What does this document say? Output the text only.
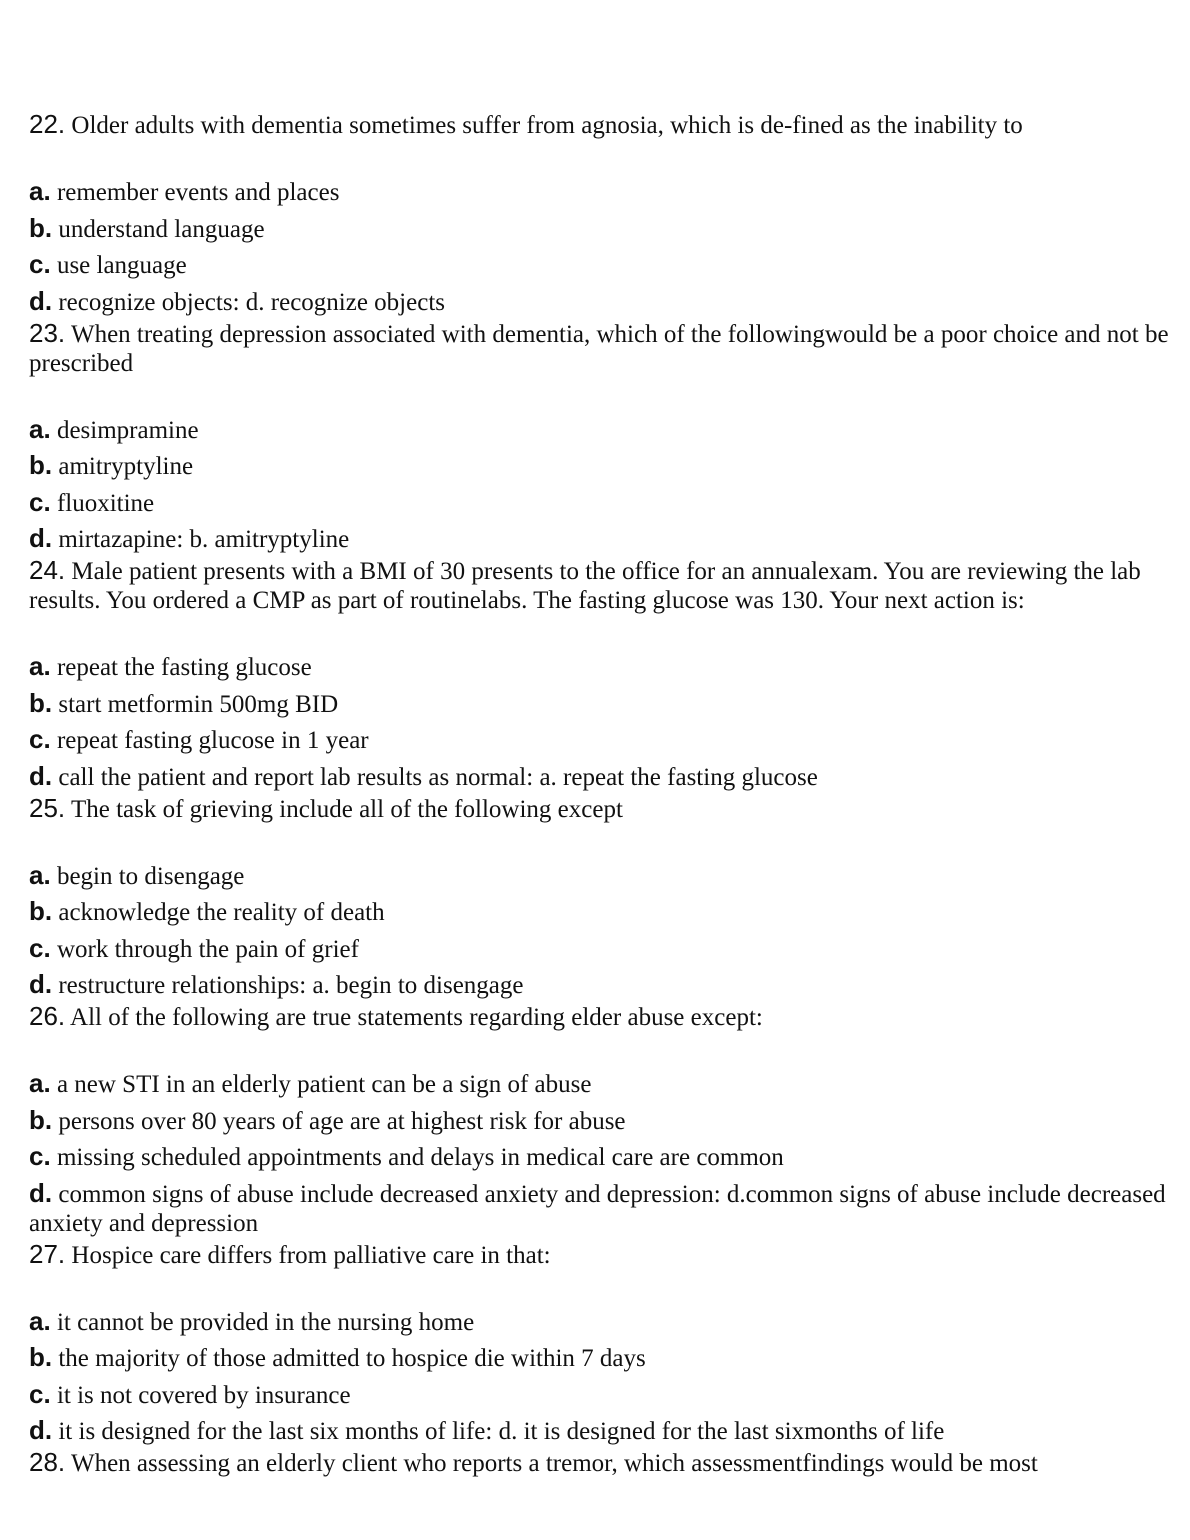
22. Older adults with dementia sometimes suffer from agnosia, which is de-fined as the inability to
a. remember events and places
b. understand language
c. use language
d. recognize objects: d. recognize objects
23. When treating depression associated with dementia, which of the followingwould be a poor choice and not be prescribed
a. desimpramine
b. amitryptyline
c. fluoxitine
d. mirtazapine: b. amitryptyline
24. Male patient presents with a BMI of 30 presents to the office for an annualexam. You are reviewing the lab results. You ordered a CMP as part of routinelabs. The fasting glucose was 130. Your next action is:
a. repeat the fasting glucose
b. start metformin 500mg BID
c. repeat fasting glucose in 1 year
d. call the patient and report lab results as normal: a. repeat the fasting glucose
25. The task of grieving include all of the following except
a. begin to disengage
b. acknowledge the reality of death
c. work through the pain of grief
d. restructure relationships: a. begin to disengage
26. All of the following are true statements regarding elder abuse except:
a. a new STI in an elderly patient can be a sign of abuse
b. persons over 80 years of age are at highest risk for abuse
c. missing scheduled appointments and delays in medical care are common
d. common signs of abuse include decreased anxiety and depression: d.common signs of abuse include decreased anxiety and depression
27. Hospice care differs from palliative care in that:
a. it cannot be provided in the nursing home
b. the majority of those admitted to hospice die within 7 days
c. it is not covered by insurance
d. it is designed for the last six months of life: d. it is designed for the last sixmonths of life
28. When assessing an elderly client who reports a tremor, which assessmentfindings would be most
